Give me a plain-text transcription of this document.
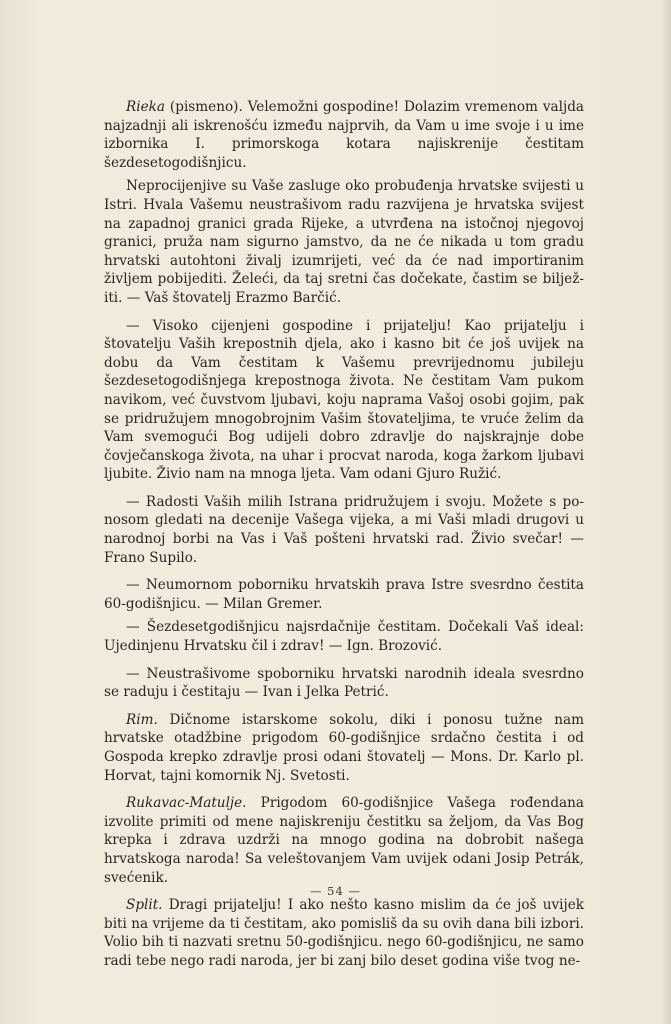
Rieka (pismeno). Velemožni gospodine! Dolazim vremenom valjda najzadnji ali iskrenošću između najprvih, da Vam u ime svoje i u ime izbornika I. primorskoga kotara najiskrenije čestitam šezdesetogodišnjicu.

Neprocijenjive su Vaše zasluge oko probuđenja hrvatske svijesti u Istri. Hvala Vašemu neustrašivom radu razvijena je hrvatska svijest na zapadnoj granici grada Rijeke, a utvrđena na istočnoj njegovoj granici, pruža nam sigurno jamstvo, da ne će nikada u tom gradu hrvatski autohtoni živalj izumrijeti, već da će nad importiranim življem pobijediti. Želeći, da taj sretni čas dočekate, častim se bilježiti. — Vaš štovatelj Erazmo Barčić.

— Visoko cijenjeni gospodine i prijatelju! Kao prijatelju i štovatelju Vaših krepostnih djela, ako i kasno bit će još uvijek na dobu da Vam čestitam k Vašemu prevrijednomu jubileju šezdesetogodišnjega krepostnoga života. Ne čestitam Vam pukom navikom, već čuvstvom ljubavi, koju naprama Vašoj osobi gojim, pak se pridružujem mnogobrojnim Vašim štovateljima, te vruće želim da Vam svemogući Bog udijeli dobro zdravlje do najskrajnje dobe čovječanskoga života, na uhar i procvat naroda, koga žarkom ljubavi ljubite. Živio nam na mnoga ljeta. Vam odani Gjuro Ružić.

— Radosti Vaših milih Istrana pridružujem i svoju. Možete s ponosom gledati na decenije Vašega vijeka, a mi Vaši mladi drugovi u narodnoj borbi na Vas i Vaš pošteni hrvatski rad. Živio svečar! — Frano Supilo.

— Neumornom poborniku hrvatskih prava Istre svesrdno čestita 60-godišnjicu. — Milan Gremer.

— Šezdesetgodišnjicu najsrdačnije čestitam. Dočekali Vaš ideal: Ujedinjenu Hrvatsku čil i zdrav! — Ign. Brozović.

— Neustrašivome spoborniku hrvatski narodnih ideala svesrdno se raduju i čestitaju — Ivan i Jelka Petrić.

Rim. Dičnome istarskome sokolu, diki i ponosu tužne nam hrvatske otadžbine prigodom 60-godišnjice srdačno čestita i od Gospoda krepko zdravlje prosi odani štovatelj — Mons. Dr. Karlo pl. Horvat, tajni komornik Nj. Svetosti.

Rukavac-Matulje. Prigodom 60-godišnjice Vašega rođendana izvolite primiti od mene najiskreniju čestitku sa željom, da Vas Bog krepka i zdrava uzdrži na mnogo godina na dobrobit našega hrvatskoga naroda! Sa veleštovanjem Vam uvijek odani Josip Petrák, svećenik.

Split. Dragi prijatelju! I ako nešto kasno mislim da će još uvijek biti na vrijeme da ti čestitam, ako pomisliš da su ovih dana bili izbori. Volio bih ti nazvati sretnu 50-godišnjicu. nego 60-godišnjicu, ne samo radi tebe nego radi naroda, jer bi zanj bilo deset godina više tvog ne-

— 54 —
